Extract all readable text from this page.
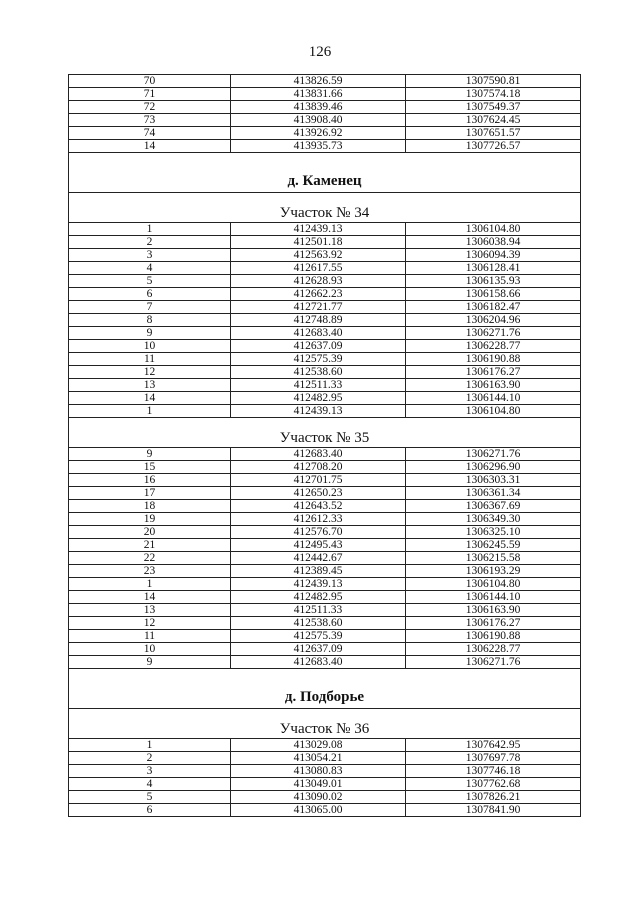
126
70	413826.59	1307590.81
71	413831.66	1307574.18
72	413839.46	1307549.37
73	413908.40	1307624.45
74	413926.92	1307651.57
14	413935.73	1307726.57
д. Каменец		
Участок № 34		
1	412439.13	1306104.80
2	412501.18	1306038.94
3	412563.92	1306094.39
4	412617.55	1306128.41
5	412628.93	1306135.93
6	412662.23	1306158.66
7	412721.77	1306182.47
8	412748.89	1306204.96
9	412683.40	1306271.76
10	412637.09	1306228.77
11	412575.39	1306190.88
12	412538.60	1306176.27
13	412511.33	1306163.90
14	412482.95	1306144.10
1	412439.13	1306104.80
Участок № 35		
9	412683.40	1306271.76
15	412708.20	1306296.90
16	412701.75	1306303.31
17	412650.23	1306361.34
18	412643.52	1306367.69
19	412612.33	1306349.30
20	412576.70	1306325.10
21	412495.43	1306245.59
22	412442.67	1306215.58
23	412389.45	1306193.29
1	412439.13	1306104.80
14	412482.95	1306144.10
13	412511.33	1306163.90
12	412538.60	1306176.27
11	412575.39	1306190.88
10	412637.09	1306228.77
9	412683.40	1306271.76
д. Подборье		
Участок № 36		
1	413029.08	1307642.95
2	413054.21	1307697.78
3	413080.83	1307746.18
4	413049.01	1307762.68
5	413090.02	1307826.21
6	413065.00	1307841.90
